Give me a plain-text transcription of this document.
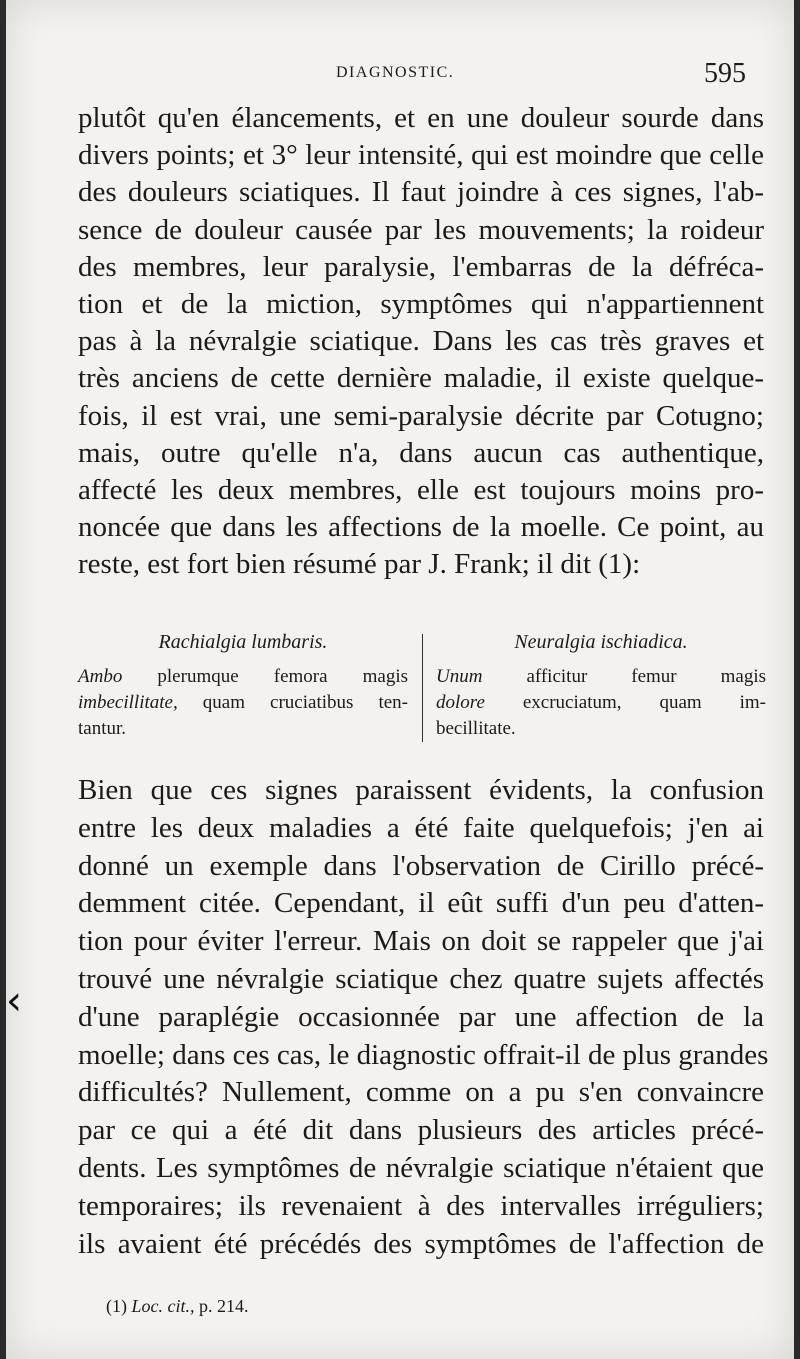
DIAGNOSTIC.	595
plutôt qu'en élancements, et en une douleur sourde dans
divers points; et 3° leur intensité, qui est moindre que celle
des douleurs sciatiques. Il faut joindre à ces signes, l'ab-
sence de douleur causée par les mouvements; la roideur
des membres, leur paralysie, l'embarras de la défréca-
tion et de la miction, symptômes qui n'appartiennent
pas à la névralgie sciatique. Dans les cas très graves et
très anciens de cette dernière maladie, il existe quelque-
fois, il est vrai, une semi-paralysie décrite par Cotugno;
mais, outre qu'elle n'a, dans aucun cas authentique,
affecté les deux membres, elle est toujours moins pro-
noncée que dans les affections de la moelle. Ce point, au
reste, est fort bien résumé par J. Frank; il dit (1):
Rachialgia lumbaris.
Ambo plerumque femora magis
imbecillitate, quam cruciatibus ten-
tantur.
Neuralgia ischiadica.
Unum afficitur femur magis
dolore excruciatum, quam im-
becillitate.
Bien que ces signes paraissent évidents, la confusion
entre les deux maladies a été faite quelquefois; j'en ai
donné un exemple dans l'observation de Cirillo précé-
demment citée. Cependant, il eût suffi d'un peu d'atten-
tion pour éviter l'erreur. Mais on doit se rappeler que j'ai
trouvé une névralgie sciatique chez quatre sujets affectés
d'une paraplégie occasionnée par une affection de la
moelle; dans ces cas, le diagnostic offrait-il de plus grandes
difficultés? Nullement, comme on a pu s'en convaincre
par ce qui a été dit dans plusieurs des articles précé-
dents. Les symptômes de névralgie sciatique n'étaient que
temporaires; ils revenaient à des intervalles irréguliers;
ils avaient été précédés des symptômes de l'affection de
(1) Loc. cit., p. 214.
‹
